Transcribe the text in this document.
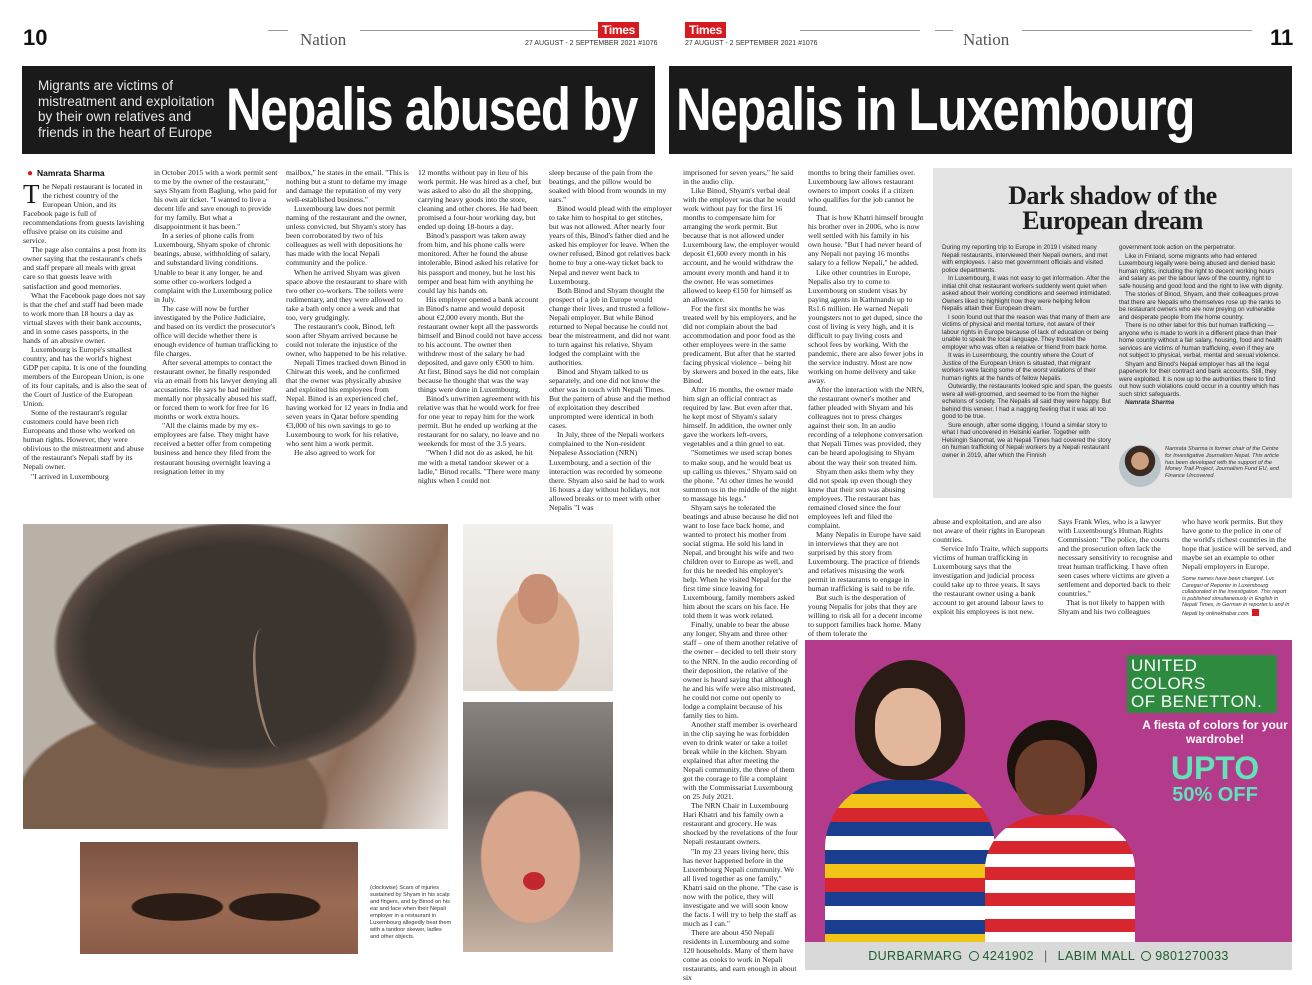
10	Nation	Times
27 AUGUST - 2 SEPTEMBER 2021 #1076
Times
27 AUGUST - 2 SEPTEMBER 2021 #1076	Nation	11
Migrants are victims of mistreatment and exploitation by their own relatives and friends in the heart of Europe Nepalis abused by Nepalis in Luxembourg
● Namrata Sharma

The Nepali restaurant is located in the richest country of the European Union, and its Facebook page is full of recommendations from guests lavishing effusive praise on its cuisine and service.

The page also contains a post from its owner saying that the restaurant's chefs and staff prepare all meals with great care so that guests leave with satisfaction and good memories.

What the Facebook page does not say is that the chef and staff had been made to work more than 18 hours a day as virtual slaves with their bank accounts, and in some cases passports, in the hands of an abusive owner.

Luxembourg is Europe's smallest country, and has the world's highest GDP per capita. It is one of the founding members of the European Union, is one of its four capitals, and is also the seat of the Court of Justice of the European Union.

Some of the restaurant's regular customers could have been rich Europeans and those who worked on human rights. However, they were oblivious to the mistreatment and abuse of the restaurant's Nepali staff by its Nepali owner.

"I arrived in Luxembourg

in October 2015 with a work permit sent to me by the owner of the restaurant," says Shyam from Baglung, who paid for his own air ticket. "I wanted to live a decent life and save enough to provide for my family. But what a disappointment it has been."

In a series of phone calls from Luxembourg, Shyam spoke of chronic beatings, abuse, withholding of salary, and substandard living conditions. Unable to bear it any longer, he and some other co-workers lodged a complaint with the Luxembourg police in July.

The case will now be further investigated by the Police Judiciaire, and based on its verdict the prosecutor's office will decide whether there is enough evidence of human trafficking to file charges.

After several attempts to contact the restaurant owner, he finally responded via an email from his lawyer denying all accusations. He says he had neither mentally nor physically abused his staff, or forced them to work for free for 16 months or work extra hours.

"All the claims made by my ex-employees are false. They might have received a better offer from competing business and hence they filed from the restaurant housing overnight leaving a resignation letter in my

mailbox," he states in the email. "This is nothing but a stunt to defame my image and damage the reputation of my very well-established business."

Luxembourg law does not permit naming of the restaurant and the owner, unless convicted, but Shyam's story has been corroborated by two of his colleagues as well with depositions he has made with the local Nepali community and the police.

When he arrived Shyam was given space above the restaurant to share with two other co-workers. The toilets were rudimentary, and they were allowed to take a bath only once a week and that too, very grudgingly.

The restaurant's cook, Binod, left soon after Shyam arrived because he could not tolerate the injustice of the owner, who happened to be his relative.

Nepali Times tracked down Binod in Chitwan this week, and he confirmed that the owner was physically abusive and exploited his employees from Nepal. Binod is an experienced chef, having worked for 12 years in India and seven years in Qatar before spending €3,000 of his own savings to go to Luxembourg to work for his relative, who sent him a work permit.

He also agreed to work for

12 months without pay in lieu of his work permit. He was hired as a chef, but was asked to also do all the shopping, carrying heavy goods into the store, cleaning and other chores. He had been promised a four-hour working day, but ended up doing 18-hours a day.

Binod's passport was taken away from him, and his phone calls were monitored. After he found the abuse intolerable, Binod asked his relative for his passport and money, but he lost his temper and beat him with anything he could lay his hands on.

His employer opened a bank account in Binod's name and would deposit about €2,000 every month. But the restaurant owner kept all the passwords himself and Binod could not have access to his account. The owner then withdrew most of the salary he had deposited, and gave only €500 to him. At first, Binod says he did not complain because he thought that was the way things were done in Luxembourg.

Binod's unwritten agreement with his relative was that he would work for free for one year to repay him for the work permit. But he ended up working at the restaurant for no salary, no leave and no weekends for most of the 3.5 years.

"When I did not do as asked, he hit me with a metal tandoor skewer or a ladle," Binod recalls. "There were many nights when I could not

sleep because of the pain from the beatings, and the pillow would be soaked with blood from wounds in my ears."

Binod would plead with the employer to take him to hospital to get stitches, but was not allowed. After nearly four years of this, Binod's father died and he asked his employer for leave. When the owner refused, Binod got relatives back home to buy a one-way ticket back to Nepal and never went back to Luxembourg.

Both Binod and Shyam thought the prospect of a job in Europe would change their lives, and trusted a fellow-Nepali employer. But while Binod returned to Nepal because he could not bear the mistreatment, and did not want to turn against his relative, Shyam lodged the complaint with the authorities.

Binod and Shyam talked to us separately, and one did not know the other was in touch with Nepali Times. But the pattern of abuse and the method of exploitation they described unprompted were identical in both cases.

In July, three of the Nepali workers complained to the Non-resident Nepalese Association (NRN) Luxembourg, and a section of the interaction was recorded by someone there. Shyam also said he had to work 16 hours a day without holidays, not allowed breaks or to meet with other Nepalis "I was

imprisoned for seven years," he said in the audio clip.

Like Binod, Shyam's verbal deal with the employer was that he would work without pay for the first 16 months to compensate him for arranging the work permit. But because that is not allowed under Luxembourg law, the employer would deposit €1,600 every month in his account, and he would withdraw the amount every month and hand it to the owner. He was sometimes allowed to keep €150 for himself as an allowance.

For the first six months he was treated well by his employers, and he did not complain about the bad accommodation and poor food as the other employees were in the same predicament. But after that he started facing physical violence – being hit by skewers and boxed in the ears, like Binod.

After 16 months, the owner made him sign an official contract as required by law. But even after that, he kept most of Shyam's salary himself. In addition, the owner only gave the workers left-overs, vegetables and a thin gruel to eat.

"Sometimes we used scrap bones to make soup, and he would beat us up calling us thieves," Shyam said on the phone. "At other times he would summon us in the middle of the night to massage his legs."

Shyam says he tolerated the beatings and abuse because he did not want to lose face back home, and wanted to protect his mother from social stigma. He sold his land in Nepal, and brought his wife and two children over to Europe as well, and for this he needed his employer's help. When he visited Nepal for the first time since leaving for Luxembourg, family members asked him about the scars on his face. He told them it was work related.

Finally, unable to bear the abuse any longer, Shyam and three other staff – one of them another relative of the owner – decided to tell their story to the NRN. In the audio recording of their deposition, the relative of the owner is heard saying that although he and his wife were also mistreated, he could not come out openly to lodge a complaint because of his family ties to him.

Another staff member is overheard in the clip saying he was forbidden even to drink water or take a toilet break while in the kitchen. Shyam explained that after meeting the Nepali community, the three of them got the courage to file a complaint with the Commissariat Luxembourg on 25 July 2021.

The NRN Chair in Luxembourg Hari Khatri and his family own a restaurant and grocery. He was shocked by the revelations of the four Nepali restaurant owners.

"In my 23 years living here, this has never happened before in the Luxembourg Nepali community. We all lived together as one family," Khatri said on the phone. "The case is now with the police, they will investigate and we will soon know the facts. I will try to help the staff as much as I can."

There are about 450 Nepali residents in Luxembourg and some 120 households. Many of them have come as cooks to work in Nepali restaurants, and earn enough in about six

months to bring their families over. Luxembourg law allows restaurant owners to import cooks if a citizen who qualifies for the job cannot be found.

That is how Khatri himself brought his brother over in 2006, who is now well settled with his family in his own house. "But I had never heard of any Nepali not paying 16 months salary to a fellow Nepali," he added.

Like other countries in Europe, Nepalis also try to come to Luxembourg on student visas by paying agents in Kathmandu up to Rs1.6 million. He warned Nepali youngsters not to get duped, since the cost of living is very high, and it is difficult to pay living costs and school fees by working. With the pandemic, there are also fewer jobs in the service industry. Most are now working on home delivery and take away.

After the interaction with the NRN, the restaurant owner's mother and father pleaded with Shyam and his colleagues not to press charges against their son. In an audio recording of a telephone conversation that Nepali Times was provided, they can be heard apologising to Shyam about the way their son treated him.

Shyam then asks them why they did not speak up even though they knew that their son was abusing employees. The restaurant has remained closed since the four employees left and filed the complaint.

Many Nepalis in Europe have said in interviews that they are not surprised by this story from Luxembourg. The practice of friends and relatives misusing the work permit in restaurants to engage in human trafficking is said to be rife.

But such is the desperation of young Nepalis for jobs that they are willing to risk all for a decent income to support families back home. Many of them tolerate the

abuse and exploitation, and are also not aware of their rights in European countries.

Service Info Traite, which supports victims of human trafficking in Luxembourg says that the investigation and judicial process could take up to three years. It says the restaurant owner using a bank account to get around labour laws to exploit his employees is not new.

Says Frank Wies, who is a lawyer with Luxembourg's Human Rights Commission: "The police, the courts and the prosecution often lack the necessary sensitivity to recognise and treat human trafficking. I have often seen cases where victims are given a settlement and deported back to their countries."

That is not likely to happen with Shyam and his two colleagues

who have work permits. But they have gone to the police in one of the world's richest countries in the hope that justice will be served, and maybe set an example to other Nepali employers in Europe.

Some names have been changed. Luc Caregari of Reporter in Luxembourg collaborated in the investigation. This report is published simultaneously in English in Nepali Times, in German in reporter.lu and in Nepali by onlinekhabar.com.
Dark shadow of the European dream

During my reporting trip to Europe in 2019 I visited many Nepali restaurants, interviewed their Nepali owners, and met with employees. I also met government officials and visited police departments.

In Luxembourg, it was not easy to get information. After the initial chit chat restaurant workers suddenly went quiet when asked about their working conditions and seemed intimidated. Owners liked to highlight how they were helping fellow Nepalis attain their European dream.

I soon found out that the reason was that many of them are victims of physical and mental torture, not aware of their labour rights in Europe because of lack of education or being unable to speak the local language. They trusted the employer who was often a relative or friend from back home.

It was in Luxembourg, the country where the Court of Justice of the European Union is situated, that migrant workers were facing some of the worst violations of their human rights at the hands of fellow Nepalis.

Outwardly, the restaurants looked spic and span, the guests were all well-groomed, and seemed to be from the higher echelons of society. The Nepalis all said they were happy. But behind this veneer, I had a nagging feeling that it was all too good to be true.

Sure enough, after some digging, I found a similar story to what I had uncovered in Helsinki earlier. Together with Helsingin Sanomat, we at Nepali Times had covered the story on human trafficking of Nepali workers by a Nepali restaurant owner in 2019, after which the Finnish

government took action on the perpetrator.

Like in Finland, some migrants who had entered Luxembourg legally were being abused and denied basic human rights, including the right to decent working hours and salary as per the labour laws of the country, right to safe housing and good food and the right to live with dignity.

The stories of Binod, Shyam, and their colleagues prove that there are Nepalis who themselves rose up the ranks to be restaurant owners who are now preying on vulnerable and desperate people from the home country.

There is no other label for this but human trafficking — anyone who is made to work in a different place than their home country without a fair salary, housing, food and health services are victims of human trafficking, even if they are not subject to physical, verbal, mental and sexual violence.

Shyam and Binod's Nepali employer has all the legal paperwork for their contract and bank accounts. Still, they were exploited. It is now up to the authorities there to find out how such violations could occur in a country which has such strict safeguards.

Namrata Sharma

Namrata Sharma is former chair of the Centre for Investigative Journalism Nepal. This article has been developed with the support of the Money Trail Project, Journalism Fund EU, and Finance Uncovered.
(clockwise) Scars of injuries sustained by Shyam in his scalp and fingers, and by Binod on his ear and face when their Nepali employer in a restaurant in Luxembourg allegedly beat them with a tandoor skewer, ladles and other objects.
UNITED COLORS
OF BENETTON.
A fiesta of colors for your wardrobe!
UPTO
50% OFF
DURBARMARG 4241902 | LABIM MALL 9801270033
